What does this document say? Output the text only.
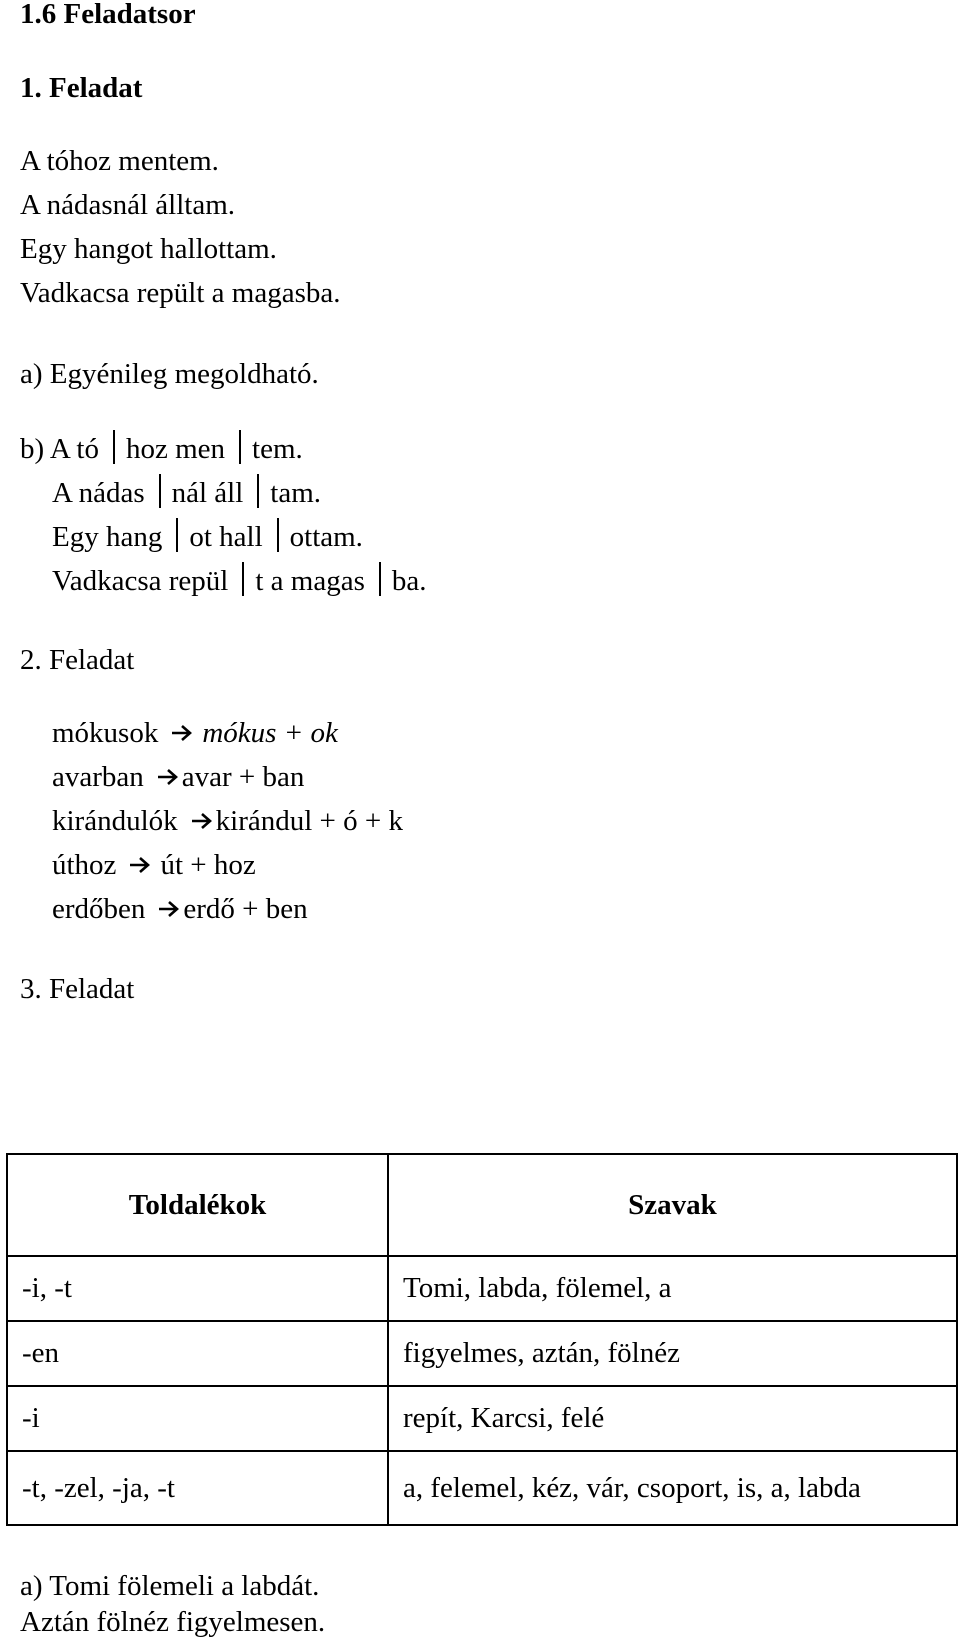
1.6 Feladatsor
1. Feladat
A tóhoz mentem.
A nádasnál álltam.
Egy hangot hallottam.
Vadkacsa repült a magasba.
a) Egyénileg megoldható.
b) A tó hoz men tem.
A nádas nál áll tam.
Egy hang ot hall ottam.
Vadkacsa repül t a magas ba.
2. Feladat
mókusok mókus + ok
avarban avar + ban
kirándulók kirándul + ó + k
úthoz út + hoz
erdőben erdő + ben
3. Feladat
Toldalékok	Szavak
-i, -t	Tomi, labda, fölemel, a
-en	figyelmes, aztán, fölnéz
-i	repít, Karcsi, felé
-t, -zel, -ja, -t	a, felemel, kéz, vár, csoport, is, a, labda
a) Tomi fölemeli a labdát.
Aztán fölnéz figyelmesen.
